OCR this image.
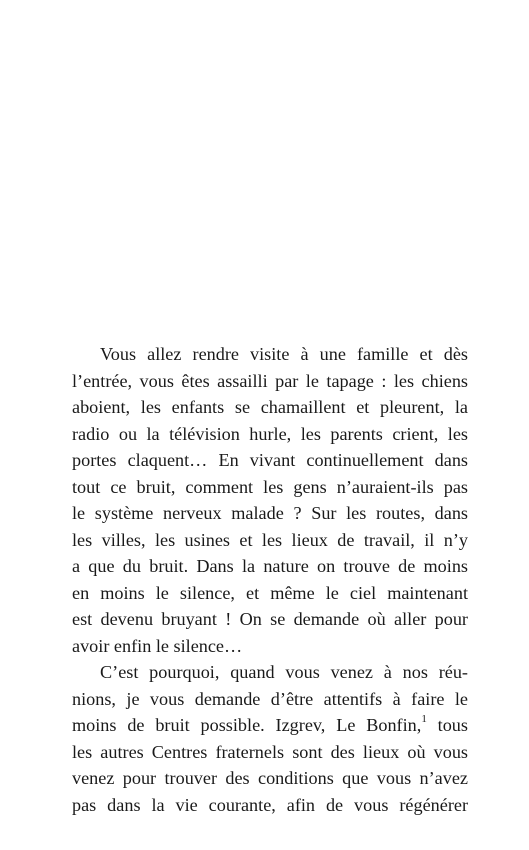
Vous allez rendre visite à une famille et dès
l’entrée, vous êtes assailli par le tapage : les chiens
aboient, les enfants se chamaillent et pleurent, la
radio ou la télévision hurle, les parents crient, les
portes claquent… En vivant continuellement dans
tout ce bruit, comment les gens n’auraient-ils pas
le système nerveux malade ? Sur les routes, dans
les villes, les usines et les lieux de travail, il n’y
a que du bruit. Dans la nature on trouve de moins
en moins le silence, et même le ciel maintenant
est devenu bruyant ! On se demande où aller pour
avoir enfin le silence…
C’est pourquoi, quand vous venez à nos réu-
nions, je vous demande d’être attentifs à faire le
moins de bruit possible. Izgrev, Le Bonfin,$^1$ tous
les autres Centres fraternels sont des lieux où vous
venez pour trouver des conditions que vous n’avez
pas dans la vie courante, afin de vous régénérer
